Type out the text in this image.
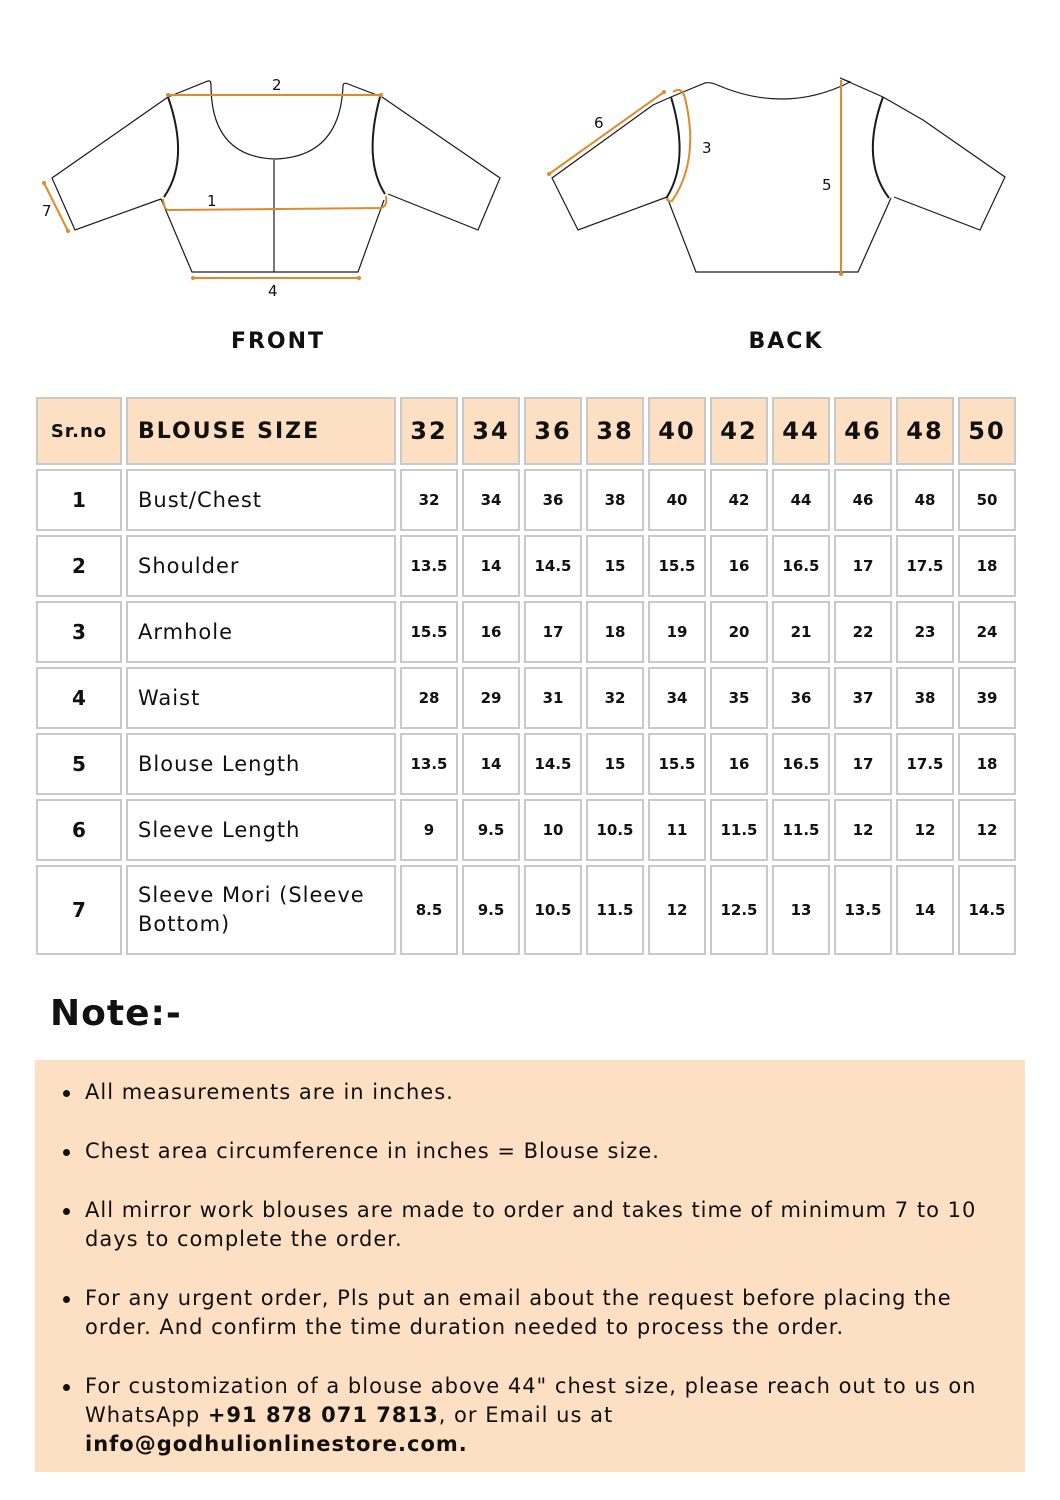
2
1
4
7
6
3
5
FRONT	BACK
Sr.no	BLOUSE SIZE	32	34	36	38	40	42	44	46	48	50
1	Bust/Chest	32	34	36	38	40	42	44	46	48	50
2	Shoulder	13.5	14	14.5	15	15.5	16	16.5	17	17.5	18
3	Armhole	15.5	16	17	18	19	20	21	22	23	24
4	Waist	28	29	31	32	34	35	36	37	38	39
5	Blouse Length	13.5	14	14.5	15	15.5	16	16.5	17	17.5	18
6	Sleeve Length	9	9.5	10	10.5	11	11.5	11.5	12	12	12
7	Sleeve Mori (Sleeve Bottom)	8.5	9.5	10.5	11.5	12	12.5	13	13.5	14	14.5
Note:-
All measurements are in inches.
Chest area circumference in inches = Blouse size.
All mirror work blouses are made to order and takes time of minimum 7 to 10 days to complete the order.
For any urgent order, Pls put an email about the request before placing the order. And confirm the time duration needed to process the order.
For customization of a blouse above 44" chest size, please reach out to us on WhatsApp +91 878 071 7813, or Email us at
info@godhulionlinestore.com.
